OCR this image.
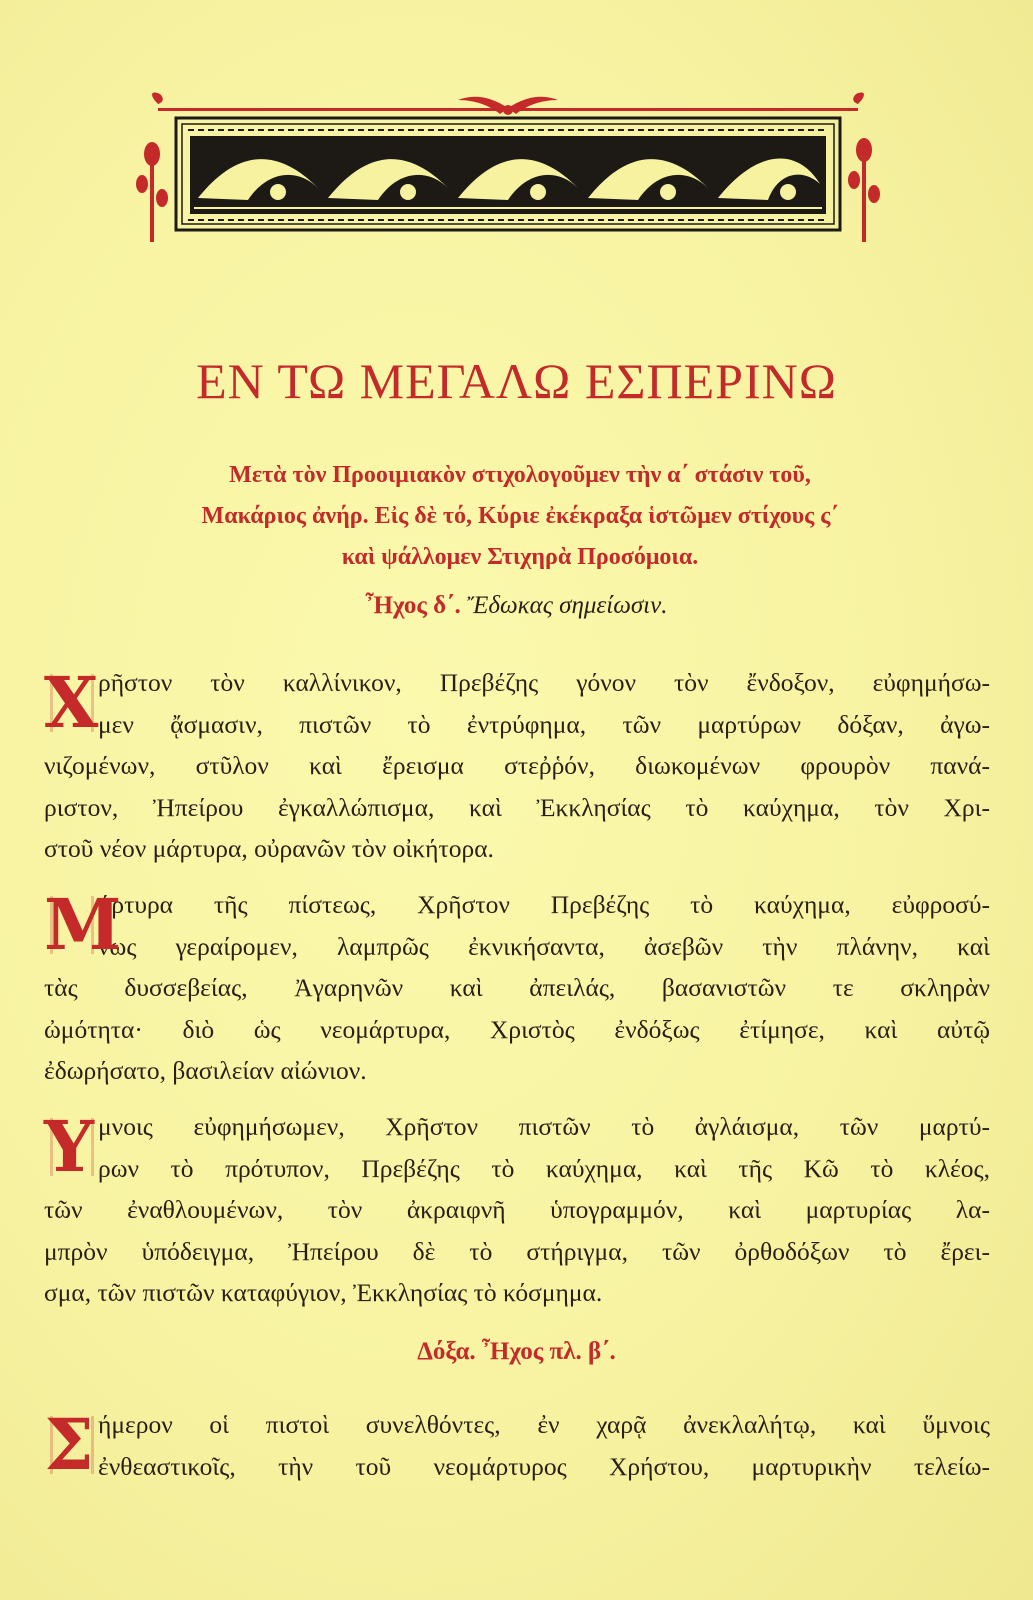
ΕΝ ΤΩ ΜΕΓΑΛΩ ΕΣΠΕΡΙΝΩ
Μετὰ τὸν Προοιμιακὸν στιχολογοῦμεν τὴν α΄ στάσιν τοῦ,
Μακάριος ἀνήρ. Εἰς δὲ τό, Κύριε ἐκέκραξα ἱστῶμεν στίχους ς΄
καὶ ψάλλομεν Στιχηρὰ Προσόμοια.
Ἦχος δ΄. Ἔδωκας σημείωσιν.
Χ ρῆστον τὸν καλλίνικον, Πρεβέζης γόνον τὸν ἔνδοξον, εὐφημήσω-
μεν ᾄσμασιν, πιστῶν τὸ ἐντρύφημα, τῶν μαρτύρων δόξαν, ἀγω-
νιζομένων, στῦλον καὶ ἔρεισμα στεῤῥόν, διωκομένων φρουρὸν πανά-
ριστον, Ἠπείρου ἐγκαλλώπισμα, καὶ Ἐκκλησίας τὸ καύχημα, τὸν Χρι-
στοῦ νέον μάρτυρα, οὐρανῶν τὸν οἰκήτορα.
Μ
άρτυρα τῆς πίστεως, Χρῆστον Πρεβέζης τὸ καύχημα, εὐφροσύ-
νως γεραίρομεν, λαμπρῶς ἐκνικήσαντα, ἀσεβῶν τὴν πλάνην, καὶ
τὰς δυσσεβείας, Ἀγαρηνῶν καὶ ἀπειλάς, βασανιστῶν τε σκληρὰν
ὠμότητα· διὸ ὡς νεομάρτυρα, Χριστὸς ἐνδόξως ἐτίμησε, καὶ αὐτῷ
ἐδωρήσατο, βασιλείαν αἰώνιον.
Υ μνοις εὐφημήσωμεν, Χρῆστον πιστῶν τὸ ἀγλάισμα, τῶν μαρτύ-
ρων τὸ πρότυπον, Πρεβέζης τὸ καύχημα, καὶ τῆς Κῶ τὸ κλέος,
τῶν ἐναθλουμένων, τὸν ἀκραιφνῆ ὑπογραμμόν, καὶ μαρτυρίας λα-
μπρὸν ὑπόδειγμα, Ἠπείρου δὲ τὸ στήριγμα, τῶν ὀρθοδόξων τὸ ἔρει-
σμα, τῶν πιστῶν καταφύγιον, Ἐκκλησίας τὸ κόσμημα.
Δόξα. Ἦχος πλ. β΄.
Σ ήμερον οἱ πιστοὶ συνελθόντες, ἐν χαρᾷ ἀνεκλαλήτῳ, καὶ ὕμνοις
ἐνθεαστικοῖς, τὴν τοῦ νεομάρτυρος Χρήστου, μαρτυρικὴν τελείω-
